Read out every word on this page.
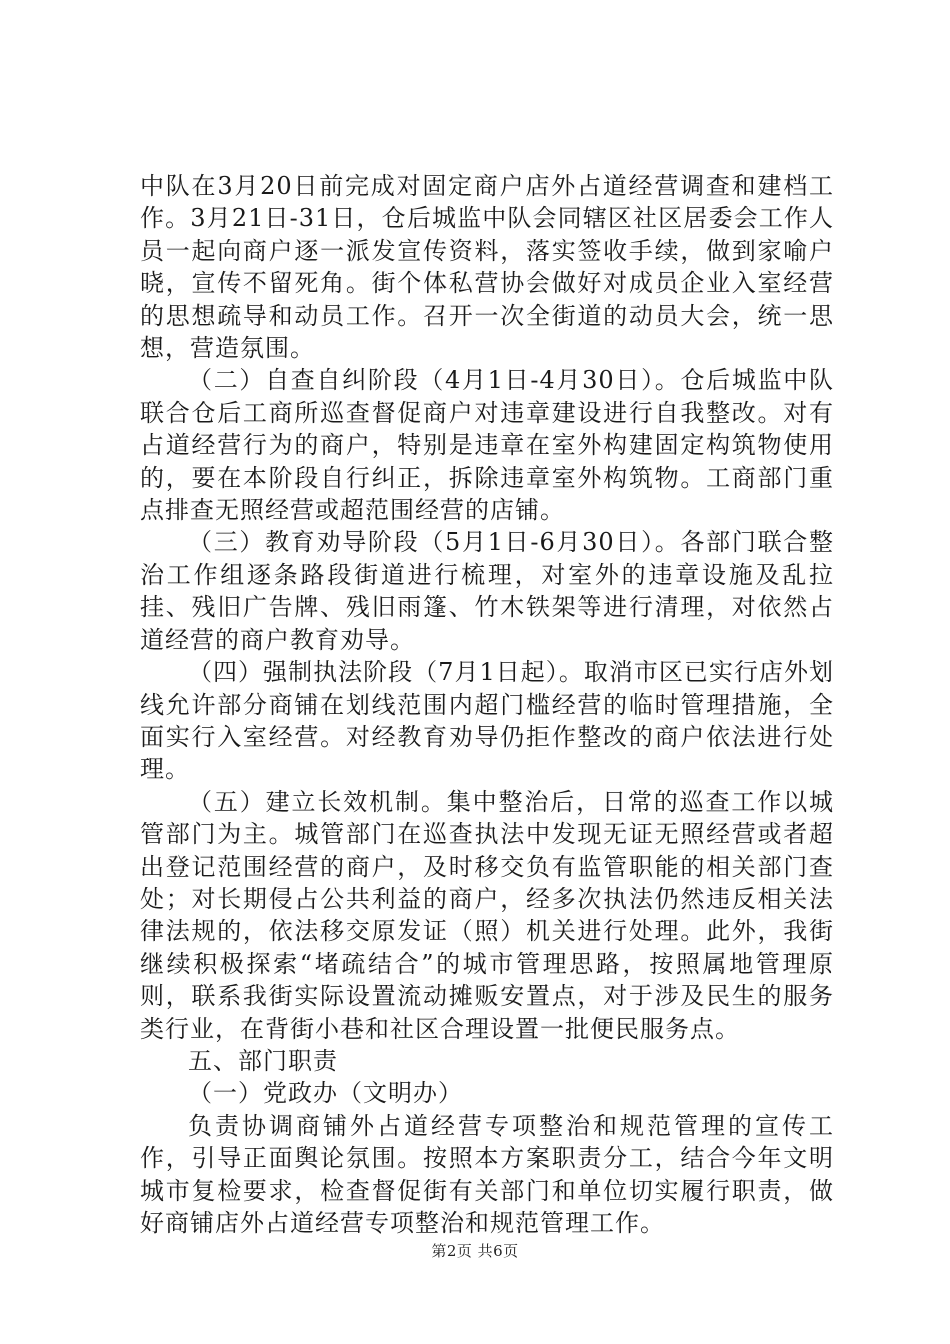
中队在3月20日前完成对固定商户店外占道经营调查和建档工作。3月21日-31日，仓后城监中队会同辖区社区居委会工作人员一起向商户逐一派发宣传资料，落实签收手续，做到家喻户晓，宣传不留死角。街个体私营协会做好对成员企业入室经营的思想疏导和动员工作。召开一次全街道的动员大会，统一思想，营造氛围。

（二）自查自纠阶段（4月1日-4月30日）。仓后城监中队联合仓后工商所巡查督促商户对违章建设进行自我整改。对有占道经营行为的商户，特别是违章在室外构建固定构筑物使用的，要在本阶段自行纠正，拆除违章室外构筑物。工商部门重点排查无照经营或超范围经营的店铺。

（三）教育劝导阶段（5月1日-6月30日）。各部门联合整治工作组逐条路段街道进行梳理，对室外的违章设施及乱拉挂、残旧广告牌、残旧雨篷、竹木铁架等进行清理，对依然占道经营的商户教育劝导。

（四）强制执法阶段（7月1日起）。取消市区已实行店外划线允许部分商铺在划线范围内超门槛经营的临时管理措施，全面实行入室经营。对经教育劝导仍拒作整改的商户依法进行处理。

（五）建立长效机制。集中整治后，日常的巡查工作以城管部门为主。城管部门在巡查执法中发现无证无照经营或者超出登记范围经营的商户，及时移交负有监管职能的相关部门查处；对长期侵占公共利益的商户，经多次执法仍然违反相关法律法规的，依法移交原发证（照）机关进行处理。此外，我街继续积极探索“堵疏结合”的城市管理思路，按照属地管理原则，联系我街实际设置流动摊贩安置点，对于涉及民生的服务类行业，在背街小巷和社区合理设置一批便民服务点。

五、部门职责

（一）党政办（文明办）

负责协调商铺外占道经营专项整治和规范管理的宣传工作，引导正面舆论氛围。按照本方案职责分工，结合今年文明城市复检要求，检查督促街有关部门和单位切实履行职责，做好商铺店外占道经营专项整治和规范管理工作。

第2页 共6页
